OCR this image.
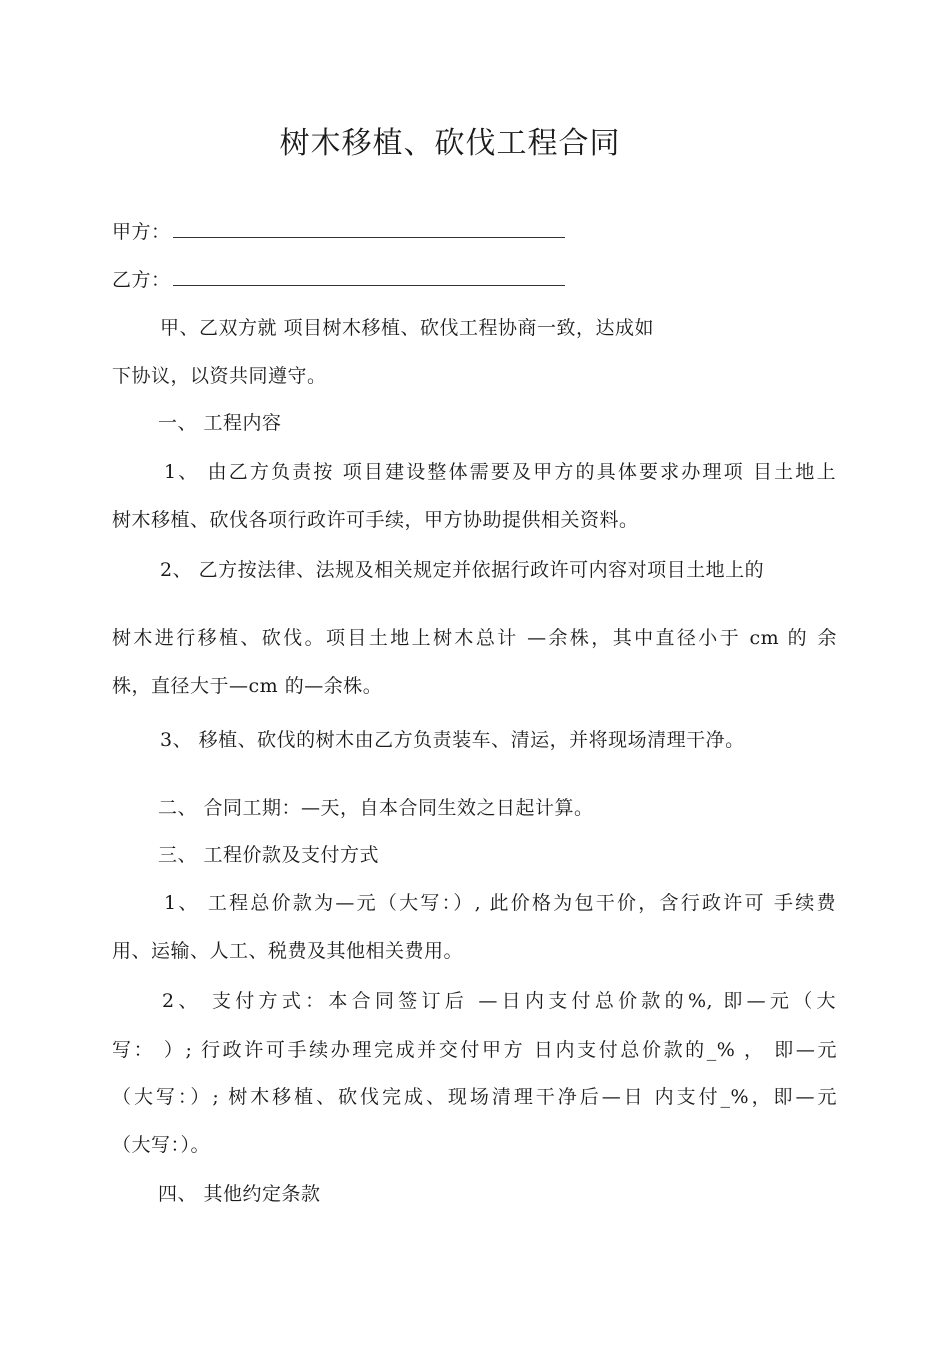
树木移植、砍伐工程合同
甲方：
乙方：
甲、乙双方就 项目树木移植、砍伐工程协商一致，达成如
下协议，以资共同遵守。
一、 工程内容
1、 由乙方负责按 项目建设整体需要及甲方的具体要求办理项 目土地上
树木移植、砍伐各项行政许可手续，甲方协助提供相关资料。
2、 乙方按法律、法规及相关规定并依据行政许可内容对项目土地上的
树木进行移植、砍伐。项目土地上树木总计 —余株，其中直径小于 cm 的 余
株，直径大于—cm 的—余株。
3、 移植、砍伐的树木由乙方负责装车、清运，并将现场清理干净。
二、 合同工期：—天，自本合同生效之日起计算。
三、 工程价款及支付方式
1、 工程总价款为—元（大写：）, 此价格为包干价，含行政许可 手续费
用、运输、人工、税费及其他相关费用。
2、 支付方式：本合同签订后 —日内支付总价款的%, 即—元（大
写： ）; 行政许可手续办理完成并交付甲方 日内支付总价款的_% ， 即—元
（大写：）; 树木移植、砍伐完成、现场清理干净后—日 内支付_%，即—元
（大写：）。
四、 其他约定条款
